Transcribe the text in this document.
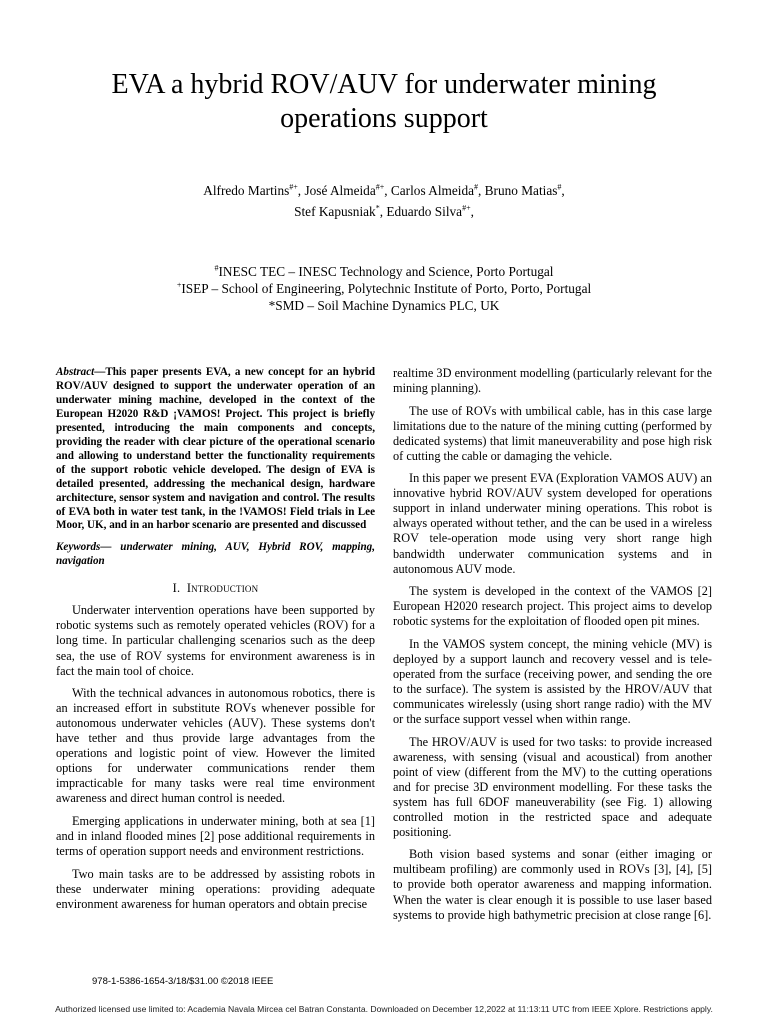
EVA a hybrid ROV/AUV for underwater mining operations support
Alfredo Martins#+, José Almeida#+, Carlos Almeida#, Bruno Matias#,
Stef Kapusniak*, Eduardo Silva#+,
#INESC TEC – INESC Technology and Science, Porto Portugal
+ISEP – School of Engineering, Polytechnic Institute of Porto, Porto, Portugal
*SMD – Soil Machine Dynamics PLC, UK

Abstract—This paper presents EVA, a new concept for an hybrid ROV/AUV designed to support the underwater operation of an underwater mining machine, developed in the context of the European H2020 R&D ¡VAMOS! Project. This project is briefly presented, introducing the main components and concepts, providing the reader with clear picture of the operational scenario and allowing to understand better the functionality requirements of the support robotic vehicle developed. The design of EVA is detailed presented, addressing the mechanical design, hardware architecture, sensor system and navigation and control. The results of EVA both in water test tank, in the !VAMOS! Field trials in Lee Moor, UK, and in an harbor scenario are presented and discussed

Keywords— underwater mining, AUV, Hybrid ROV, mapping, navigation

I. Introduction

Underwater intervention operations have been supported by robotic systems such as remotely operated vehicles (ROV) for a long time. In particular challenging scenarios such as the deep sea, the use of ROV systems for environment awareness is in fact the main tool of choice.

With the technical advances in autonomous robotics, there is an increased effort in substitute ROVs whenever possible for autonomous underwater vehicles (AUV). These systems don't have tether and thus provide large advantages from the operations and logistic point of view. However the limited options for underwater communications render them impracticable for many tasks were real time environment awareness and direct human control is needed.

Emerging applications in underwater mining, both at sea [1] and in inland flooded mines [2] pose additional requirements in terms of operation support needs and environment restrictions.

Two main tasks are to be addressed by assisting robots in these underwater mining operations: providing adequate environment awareness for human operators and obtain precise

realtime 3D environment modelling (particularly relevant for the mining planning).

The use of ROVs with umbilical cable, has in this case large limitations due to the nature of the mining cutting (performed by dedicated systems) that limit maneuverability and pose high risk of cutting the cable or damaging the vehicle.

In this paper we present EVA (Exploration VAMOS AUV) an innovative hybrid ROV/AUV system developed for operations support in inland underwater mining operations. This robot is always operated without tether, and the can be used in a wireless ROV tele-operation mode using very short range high bandwidth underwater communication systems and in autonomous AUV mode.

The system is developed in the context of the VAMOS [2] European H2020 research project. This project aims to develop robotic systems for the exploitation of flooded open pit mines.

In the VAMOS system concept, the mining vehicle (MV) is deployed by a support launch and recovery vessel and is tele-operated from the surface (receiving power, and sending the ore to the surface). The system is assisted by the HROV/AUV that communicates wirelessly (using short range radio) with the MV or the surface support vessel when within range.

The HROV/AUV is used for two tasks: to provide increased awareness, with sensing (visual and acoustical) from another point of view (different from the MV) to the cutting operations and for precise 3D environment modelling. For these tasks the system has full 6DOF maneuverability (see Fig. 1) allowing controlled motion in the restricted space and adequate positioning.

Both vision based systems and sonar (either imaging or multibeam profiling) are commonly used in ROVs [3], [4], [5] to provide both operator awareness and mapping information. When the water is clear enough it is possible to use laser based systems to provide high bathymetric precision at close range [6].

978-1-5386-1654-3/18/$31.00 ©2018 IEEE
Authorized licensed use limited to: Academia Navala Mircea cel Batran Constanta. Downloaded on December 12,2022 at 11:13:11 UTC from IEEE Xplore. Restrictions apply.
